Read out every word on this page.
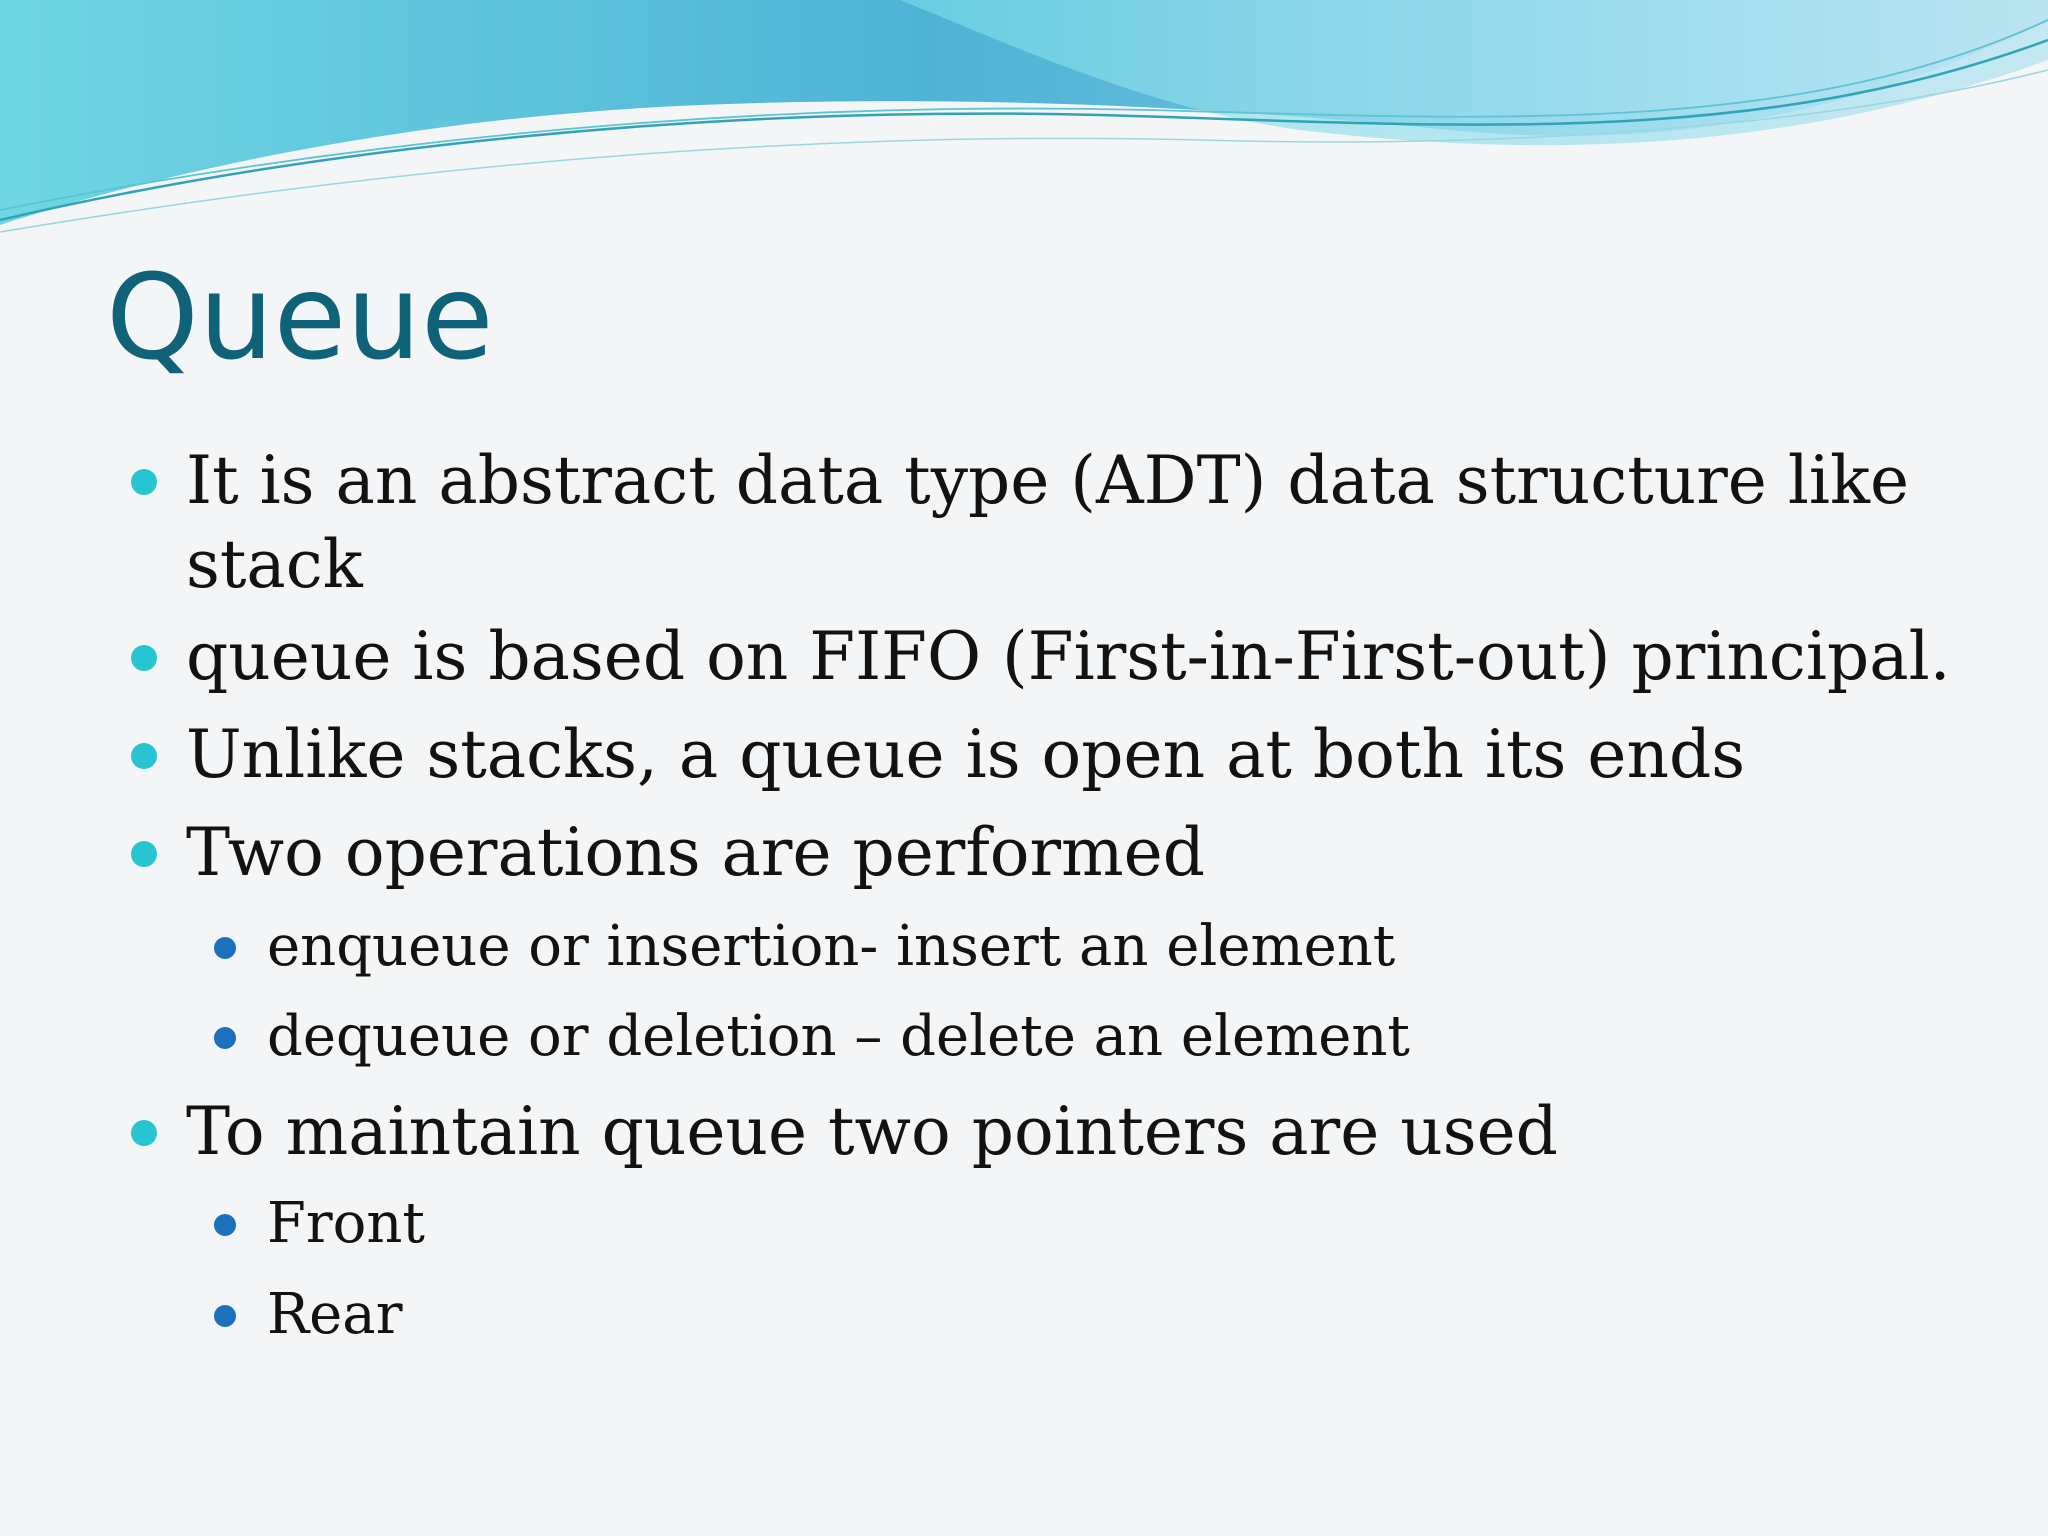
Queue
It is an abstract data type (ADT) data structure like
stack
queue is based on FIFO (First-in-First-out) principal.
Unlike stacks, a queue is open at both its ends
Two operations are performed
enqueue or insertion- insert an element
dequeue or deletion – delete an element
To maintain queue two pointers are used
Front
Rear
